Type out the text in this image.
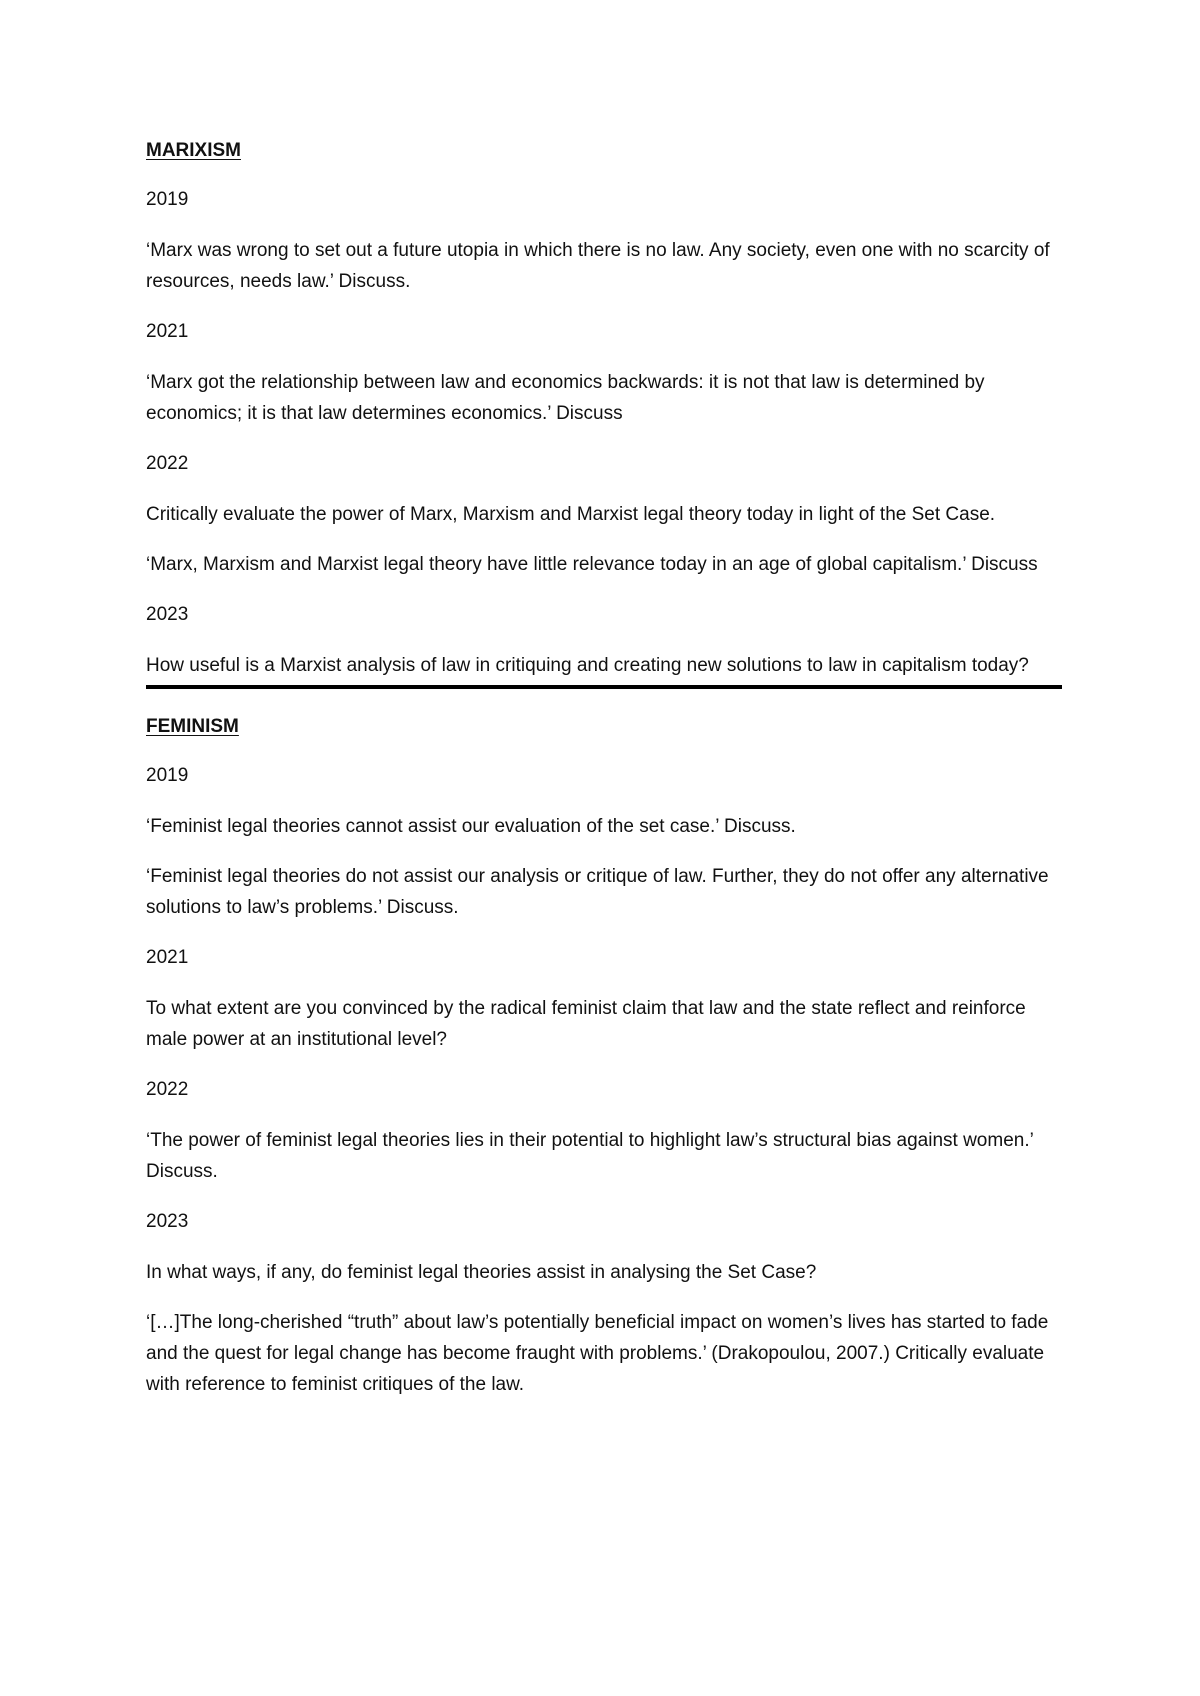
MARIXISM
2019
‘Marx was wrong to set out a future utopia in which there is no law. Any society, even one with no scarcity of resources, needs law.’ Discuss.
2021
‘Marx got the relationship between law and economics backwards: it is not that law is determined by economics; it is that law determines economics.’ Discuss
2022
Critically evaluate the power of Marx, Marxism and Marxist legal theory today in light of the Set Case.
‘Marx, Marxism and Marxist legal theory have little relevance today in an age of global capitalism.’ Discuss
2023
How useful is a Marxist analysis of law in critiquing and creating new solutions to law in capitalism today?
FEMINISM
2019
‘Feminist legal theories cannot assist our evaluation of the set case.’ Discuss.
‘Feminist legal theories do not assist our analysis or critique of law. Further, they do not offer any alternative solutions to law’s problems.’ Discuss.
2021
To what extent are you convinced by the radical feminist claim that law and the state reflect and reinforce male power at an institutional level?
2022
‘The power of feminist legal theories lies in their potential to highlight law’s structural bias against women.’ Discuss.
2023
In what ways, if any, do feminist legal theories assist in analysing the Set Case?
‘[…]The long-cherished “truth” about law’s potentially beneficial impact on women’s lives has started to fade and the quest for legal change has become fraught with problems.’ (Drakopoulou, 2007.) Critically evaluate with reference to feminist critiques of the law.
